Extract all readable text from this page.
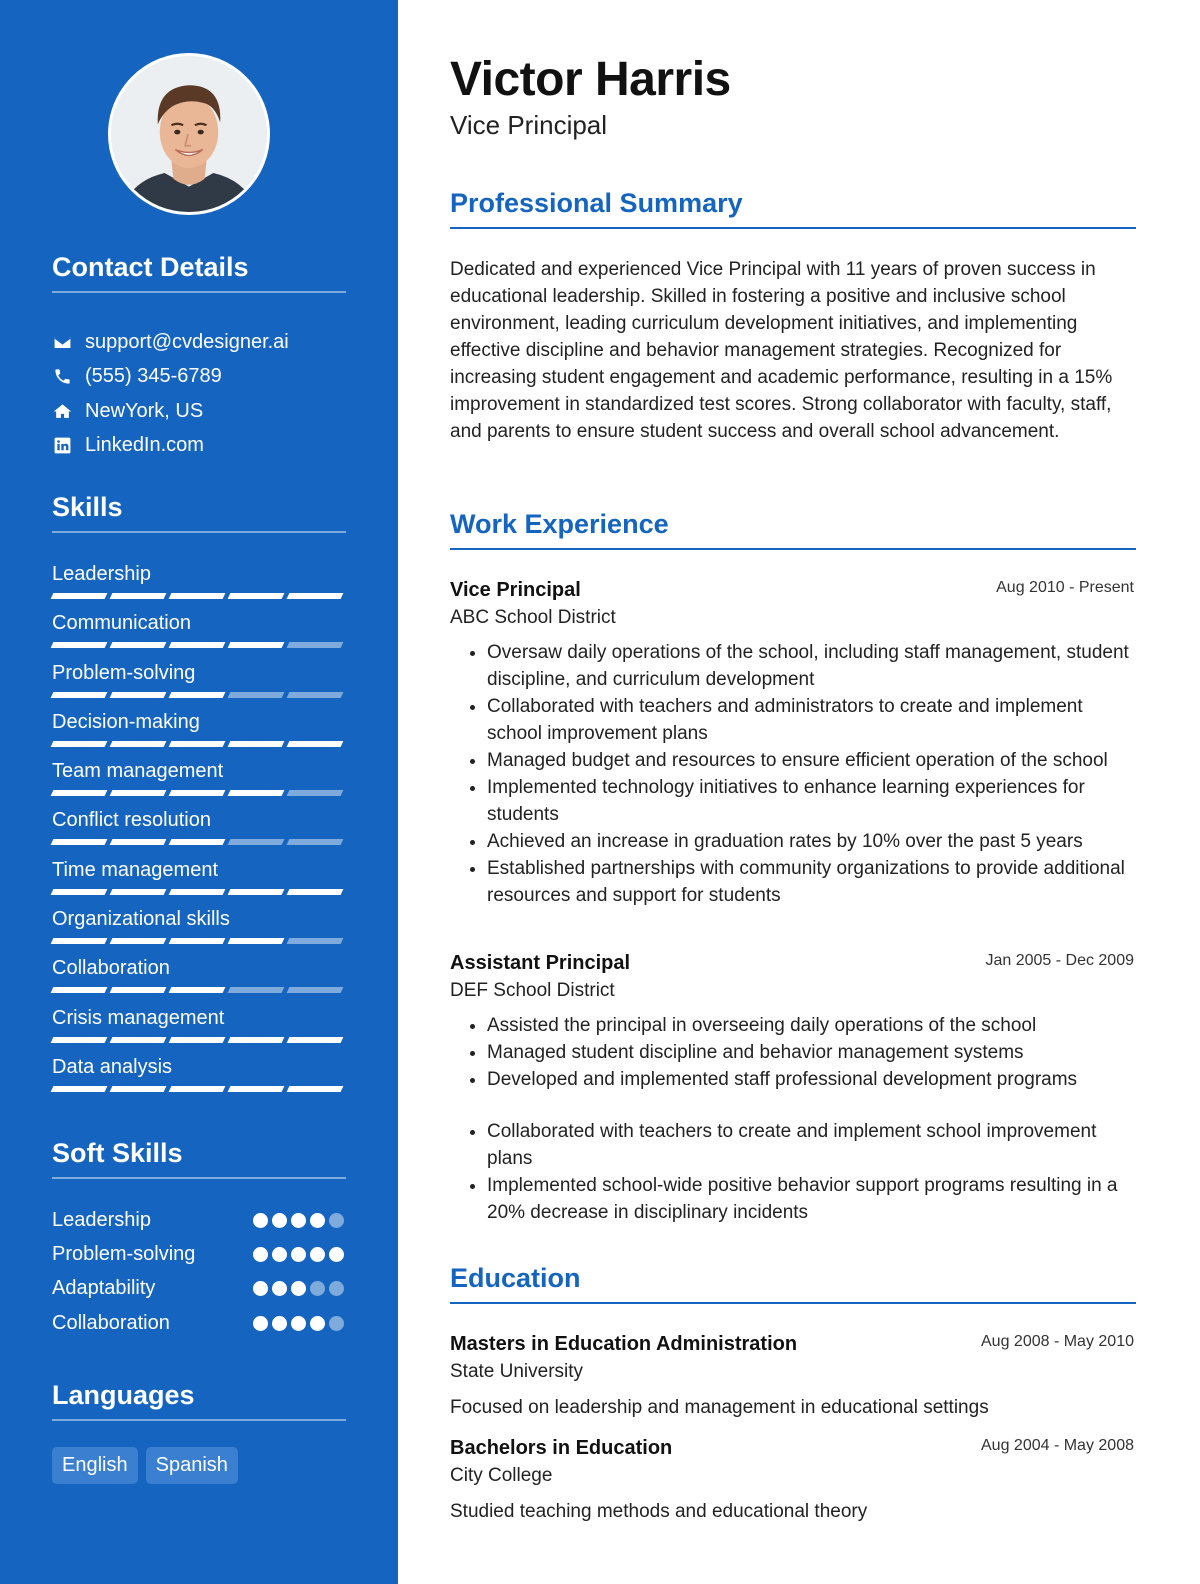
Contact Details
support@cvdesigner.ai
(555) 345-6789
NewYork, US
LinkedIn.com
Skills
Leadership
Communication
Problem-solving
Decision-making
Team management
Conflict resolution
Time management
Organizational skills
Collaboration
Crisis management
Data analysis
Soft Skills
Leadership
Problem-solving
Adaptability
Collaboration
Languages
English	Spanish
Victor Harris
Vice Principal
Professional Summary
Dedicated and experienced Vice Principal with 11 years of proven success in educational leadership. Skilled in fostering a positive and inclusive school environment, leading curriculum development initiatives, and implementing effective discipline and behavior management strategies. Recognized for increasing student engagement and academic performance, resulting in a 15% improvement in standardized test scores. Strong collaborator with faculty, staff, and parents to ensure student success and overall school advancement.
Work Experience
Vice Principal	Aug 2010 - Present
ABC School District
• Oversaw daily operations of the school, including staff management, student discipline, and curriculum development
• Collaborated with teachers and administrators to create and implement school improvement plans
• Managed budget and resources to ensure efficient operation of the school
• Implemented technology initiatives to enhance learning experiences for students
• Achieved an increase in graduation rates by 10% over the past 5 years
• Established partnerships with community organizations to provide additional resources and support for students
Assistant Principal	Jan 2005 - Dec 2009
DEF School District
• Assisted the principal in overseeing daily operations of the school
• Managed student discipline and behavior management systems
• Developed and implemented staff professional development programs
• Collaborated with teachers to create and implement school improvement plans
• Implemented school-wide positive behavior support programs resulting in a 20% decrease in disciplinary incidents
Education
Masters in Education Administration	Aug 2008 - May 2010
State University
Focused on leadership and management in educational settings
Bachelors in Education	Aug 2004 - May 2008
City College
Studied teaching methods and educational theory
